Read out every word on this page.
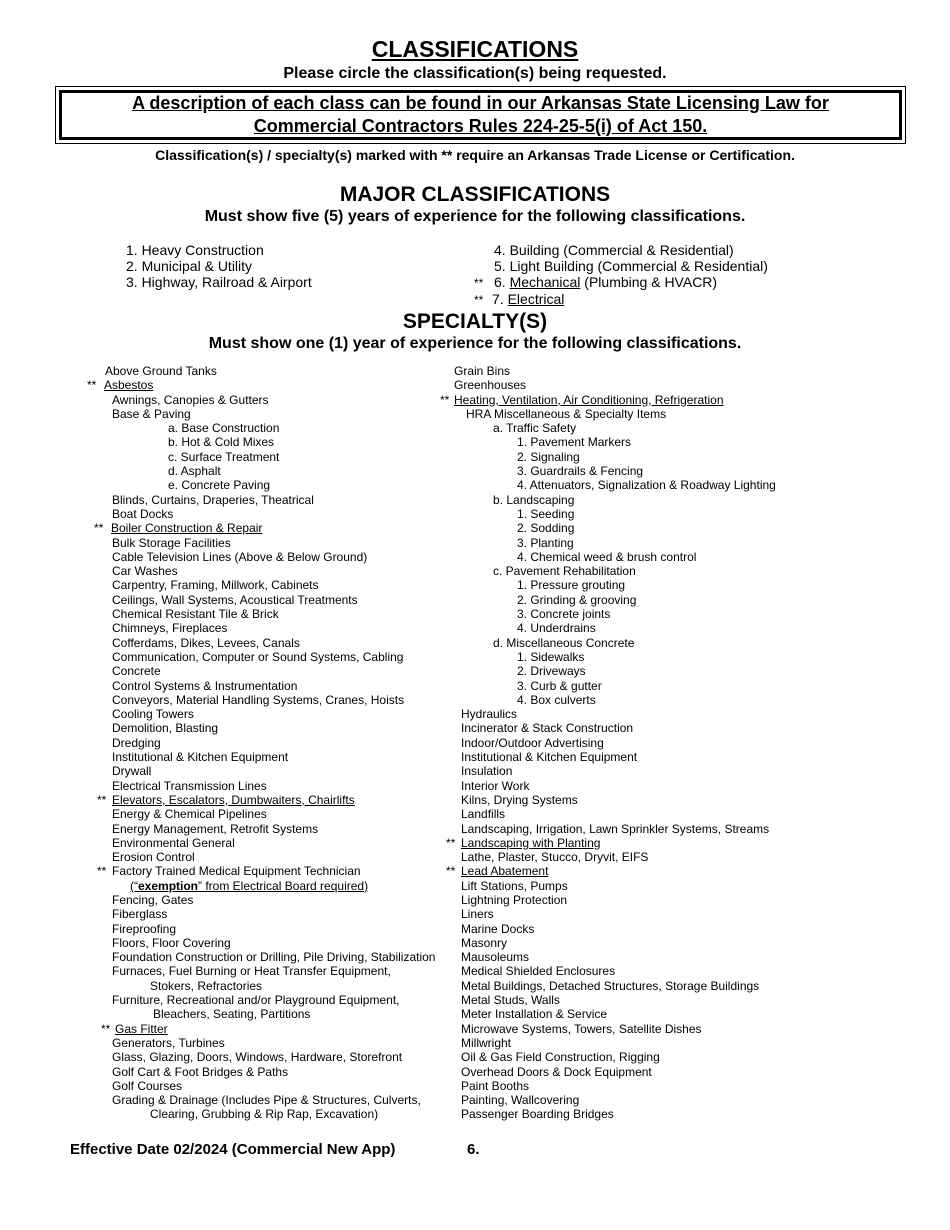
CLASSIFICATIONS
Please circle the classification(s) being requested.
A description of each class can be found in our Arkansas State Licensing Law for
Commercial Contractors Rules 224-25-5(i) of Act 150.
Classification(s) / specialty(s) marked with ** require an Arkansas Trade License or Certification.
MAJOR CLASSIFICATIONS
Must show five (5) years of experience for the following classifications.
1. Heavy Construction
2. Municipal & Utility
3. Highway, Railroad & Airport
4. Building (Commercial & Residential)
5. Light Building (Commercial & Residential)
** 6. Mechanical (Plumbing & HVACR)
** 7. Electrical
SPECIALTY(S)
Must show one (1) year of experience for the following classifications.
Above Ground Tanks
** Asbestos
Awnings, Canopies & Gutters
Base & Paving
a. Base Construction
b. Hot & Cold Mixes
c. Surface Treatment
d. Asphalt
e. Concrete Paving
Blinds, Curtains, Draperies, Theatrical
Boat Docks
** Boiler Construction & Repair
Bulk Storage Facilities
Cable Television Lines (Above & Below Ground)
Car Washes
Carpentry, Framing, Millwork, Cabinets
Ceilings, Wall Systems, Acoustical Treatments
Chemical Resistant Tile & Brick
Chimneys, Fireplaces
Cofferdams, Dikes, Levees, Canals
Communication, Computer or Sound Systems, Cabling
Concrete
Control Systems & Instrumentation
Conveyors, Material Handling Systems, Cranes, Hoists
Cooling Towers
Demolition, Blasting
Dredging
Institutional & Kitchen Equipment
Drywall
Electrical Transmission Lines
** Elevators, Escalators, Dumbwaiters, Chairlifts
Energy & Chemical Pipelines
Energy Management, Retrofit Systems
Environmental General
Erosion Control
** Factory Trained Medical Equipment Technician
(“exemption” from Electrical Board required)
Fencing, Gates
Fiberglass
Fireproofing
Floors, Floor Covering
Foundation Construction or Drilling, Pile Driving, Stabilization
Furnaces, Fuel Burning or Heat Transfer Equipment,
Stokers, Refractories
Furniture, Recreational and/or Playground Equipment,
Bleachers, Seating, Partitions
** Gas Fitter
Generators, Turbines
Glass, Glazing, Doors, Windows, Hardware, Storefront
Golf Cart & Foot Bridges & Paths
Golf Courses
Grading & Drainage (Includes Pipe & Structures, Culverts,
Clearing, Grubbing & Rip Rap, Excavation)
Grain Bins
Greenhouses
** Heating, Ventilation, Air Conditioning, Refrigeration
HRA Miscellaneous & Specialty Items
a. Traffic Safety
1. Pavement Markers
2. Signaling
3. Guardrails & Fencing
4. Attenuators, Signalization & Roadway Lighting
b. Landscaping
1. Seeding
2. Sodding
3. Planting
4. Chemical weed & brush control
c. Pavement Rehabilitation
1. Pressure grouting
2. Grinding & grooving
3. Concrete joints
4. Underdrains
d. Miscellaneous Concrete
1. Sidewalks
2. Driveways
3. Curb & gutter
4. Box culverts
Hydraulics
Incinerator & Stack Construction
Indoor/Outdoor Advertising
Institutional & Kitchen Equipment
Insulation
Interior Work
Kilns, Drying Systems
Landfills
Landscaping, Irrigation, Lawn Sprinkler Systems, Streams
** Landscaping with Planting
Lathe, Plaster, Stucco, Dryvit, EIFS
** Lead Abatement
Lift Stations, Pumps
Lightning Protection
Liners
Marine Docks
Masonry
Mausoleums
Medical Shielded Enclosures
Metal Buildings, Detached Structures, Storage Buildings
Metal Studs, Walls
Meter Installation & Service
Microwave Systems, Towers, Satellite Dishes
Millwright
Oil & Gas Field Construction, Rigging
Overhead Doors & Dock Equipment
Paint Booths
Painting, Wallcovering
Passenger Boarding Bridges
Effective Date 02/2024 (Commercial New App)	6.
